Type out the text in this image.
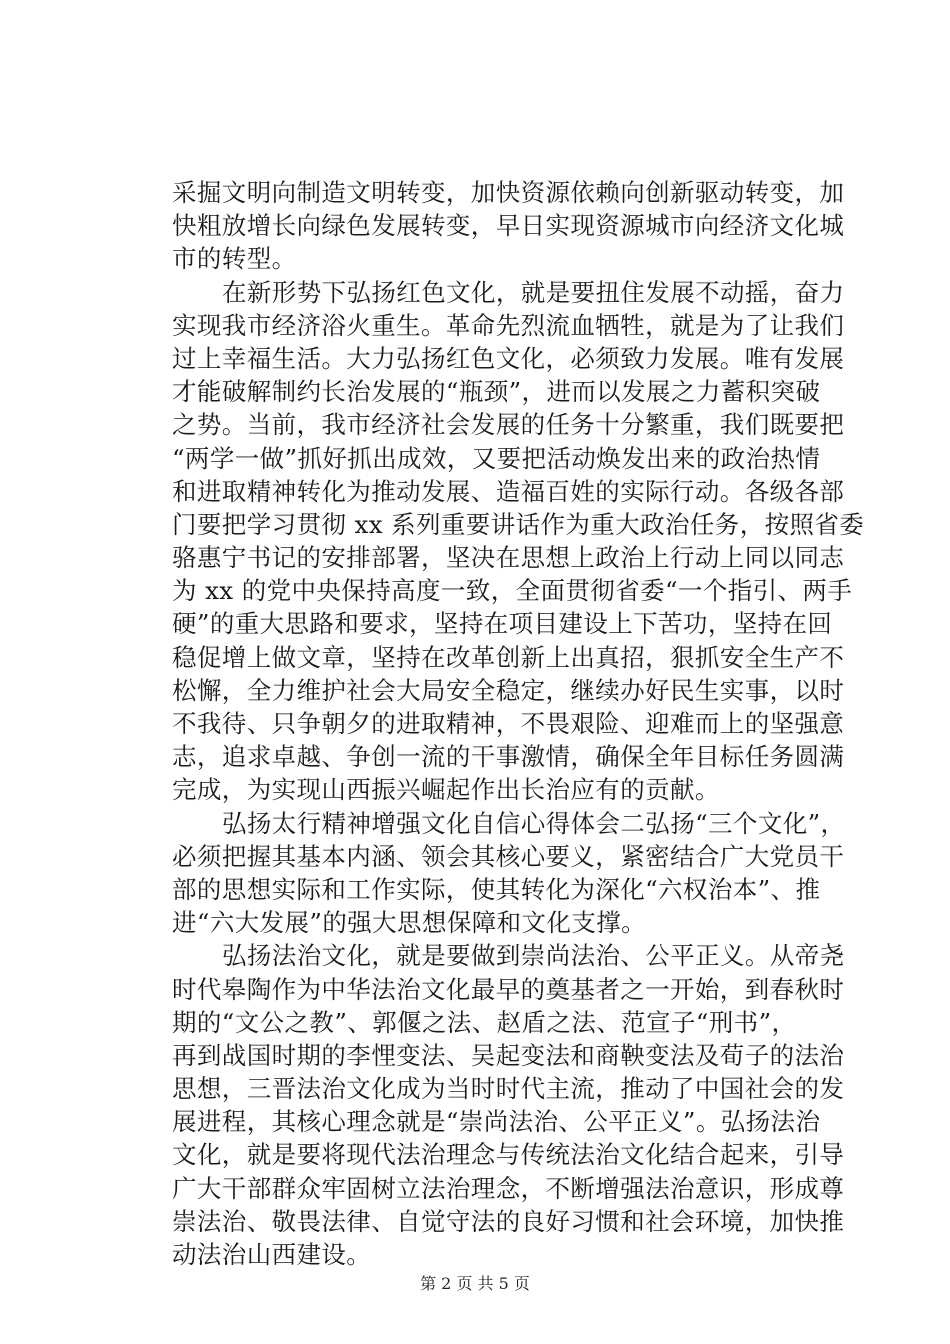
采掘文明向制造文明转变，加快资源依赖向创新驱动转变，加
快粗放增长向绿色发展转变，早日实现资源城市向经济文化城
市的转型。
在新形势下弘扬红色文化，就是要扭住发展不动摇，奋力
实现我市经济浴火重生。革命先烈流血牺牲，就是为了让我们
过上幸福生活。大力弘扬红色文化，必须致力发展。唯有发展
才能破解制约长治发展的“瓶颈”，进而以发展之力蓄积突破
之势。当前，我市经济社会发展的任务十分繁重，我们既要把
“两学一做”抓好抓出成效，又要把活动焕发出来的政治热情
和进取精神转化为推动发展、造福百姓的实际行动。各级各部
门要把学习贯彻 xx 系列重要讲话作为重大政治任务，按照省委
骆惠宁书记的安排部署，坚决在思想上政治上行动上同以同志
为 xx 的党中央保持高度一致，全面贯彻省委“一个指引、两手
硬”的重大思路和要求，坚持在项目建设上下苦功，坚持在回
稳促增上做文章，坚持在改革创新上出真招，狠抓安全生产不
松懈，全力维护社会大局安全稳定，继续办好民生实事，以时
不我待、只争朝夕的进取精神，不畏艰险、迎难而上的坚强意
志，追求卓越、争创一流的干事激情，确保全年目标任务圆满
完成，为实现山西振兴崛起作出长治应有的贡献。
弘扬太行精神增强文化自信心得体会二弘扬“三个文化”，
必须把握其基本内涵、领会其核心要义，紧密结合广大党员干
部的思想实际和工作实际，使其转化为深化“六权治本”、推
进“六大发展”的强大思想保障和文化支撑。
弘扬法治文化，就是要做到崇尚法治、公平正义。从帝尧
时代皋陶作为中华法治文化最早的奠基者之一开始，到春秋时
期的“文公之教”、郭偃之法、赵盾之法、范宣子“刑书”，
再到战国时期的李悝变法、吴起变法和商鞅变法及荀子的法治
思想，三晋法治文化成为当时时代主流，推动了中国社会的发
展进程，其核心理念就是“崇尚法治、公平正义”。弘扬法治
文化，就是要将现代法治理念与传统法治文化结合起来，引导
广大干部群众牢固树立法治理念，不断增强法治意识，形成尊
崇法治、敬畏法律、自觉守法的良好习惯和社会环境，加快推
动法治山西建设。
第 2 页 共 5 页
